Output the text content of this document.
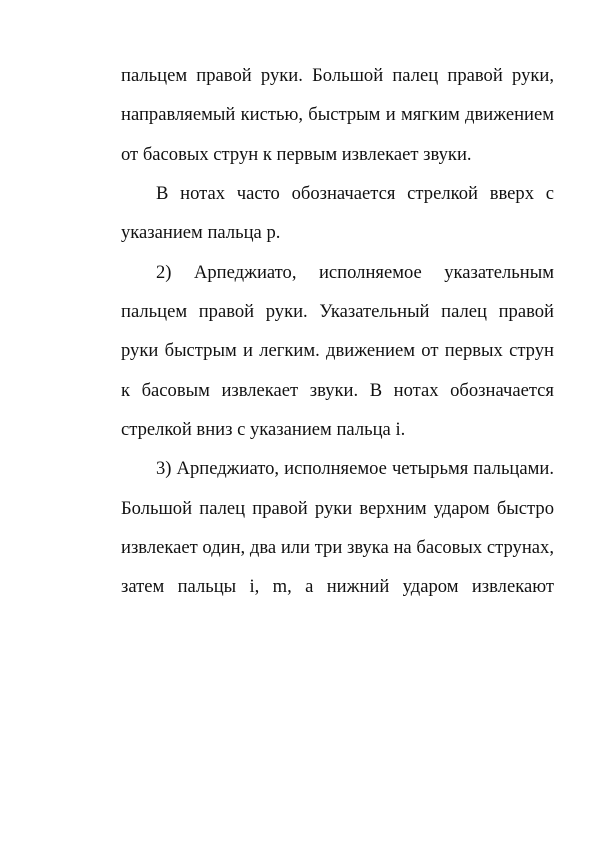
пальцем правой руки. Большой палец правой руки, направляемый кистью, быстрым и мягким движением от басовых струн к первым извлекает звуки.

В нотах часто обозначается стрелкой вверх с указанием пальца p.

2) Арпеджиато, исполняемое указательным пальцем правой руки. Указательный палец правой руки быстрым и легким. движением от первых струн к басовым извлекает звуки. В нотах обозначается стрелкой вниз с указанием пальца i.

3) Арпеджиато, исполняемое четырьмя пальцами. Большой палец правой руки верхним ударом быстро извлекает один, два или три звука на басовых струнах, затем пальцы i, m, а нижний ударом извлекают
